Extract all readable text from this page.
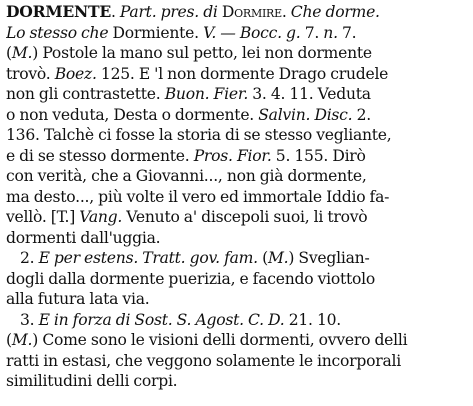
DORMENTE. Part. pres. di Dormire. Che dorme.
Lo stesso che Dormiente. V. — Bocc. g. 7. n. 7.
(M.) Postole la mano sul petto, lei non dormente
trovò. Boez. 125. E 'l non dormente Drago crudele
non gli contrastette. Buon. Fier. 3. 4. 11. Veduta
o non veduta, Desta o dormente. Salvin. Disc. 2.
136. Talchè ci fosse la storia di se stesso vegliante,
e di se stesso dormente. Pros. Fior. 5. 155. Dirò
con verità, che a Giovanni..., non già dormente,
ma desto..., più volte il vero ed immortale Iddio fa-
vellò. [T.] Vang. Venuto a' discepoli suoi, li trovò
dormenti dall'uggia.
2. E per estens. Tratt. gov. fam. (M.) Sveglian-
dogli dalla dormente puerizia, e facendo viottolo
alla futura lata via.
3. E in forza di Sost. S. Agost. C. D. 21. 10.
(M.) Come sono le visioni delli dormenti, ovvero delli
ratti in estasi, che veggono solamente le incorporali
similitudini delli corpi.
